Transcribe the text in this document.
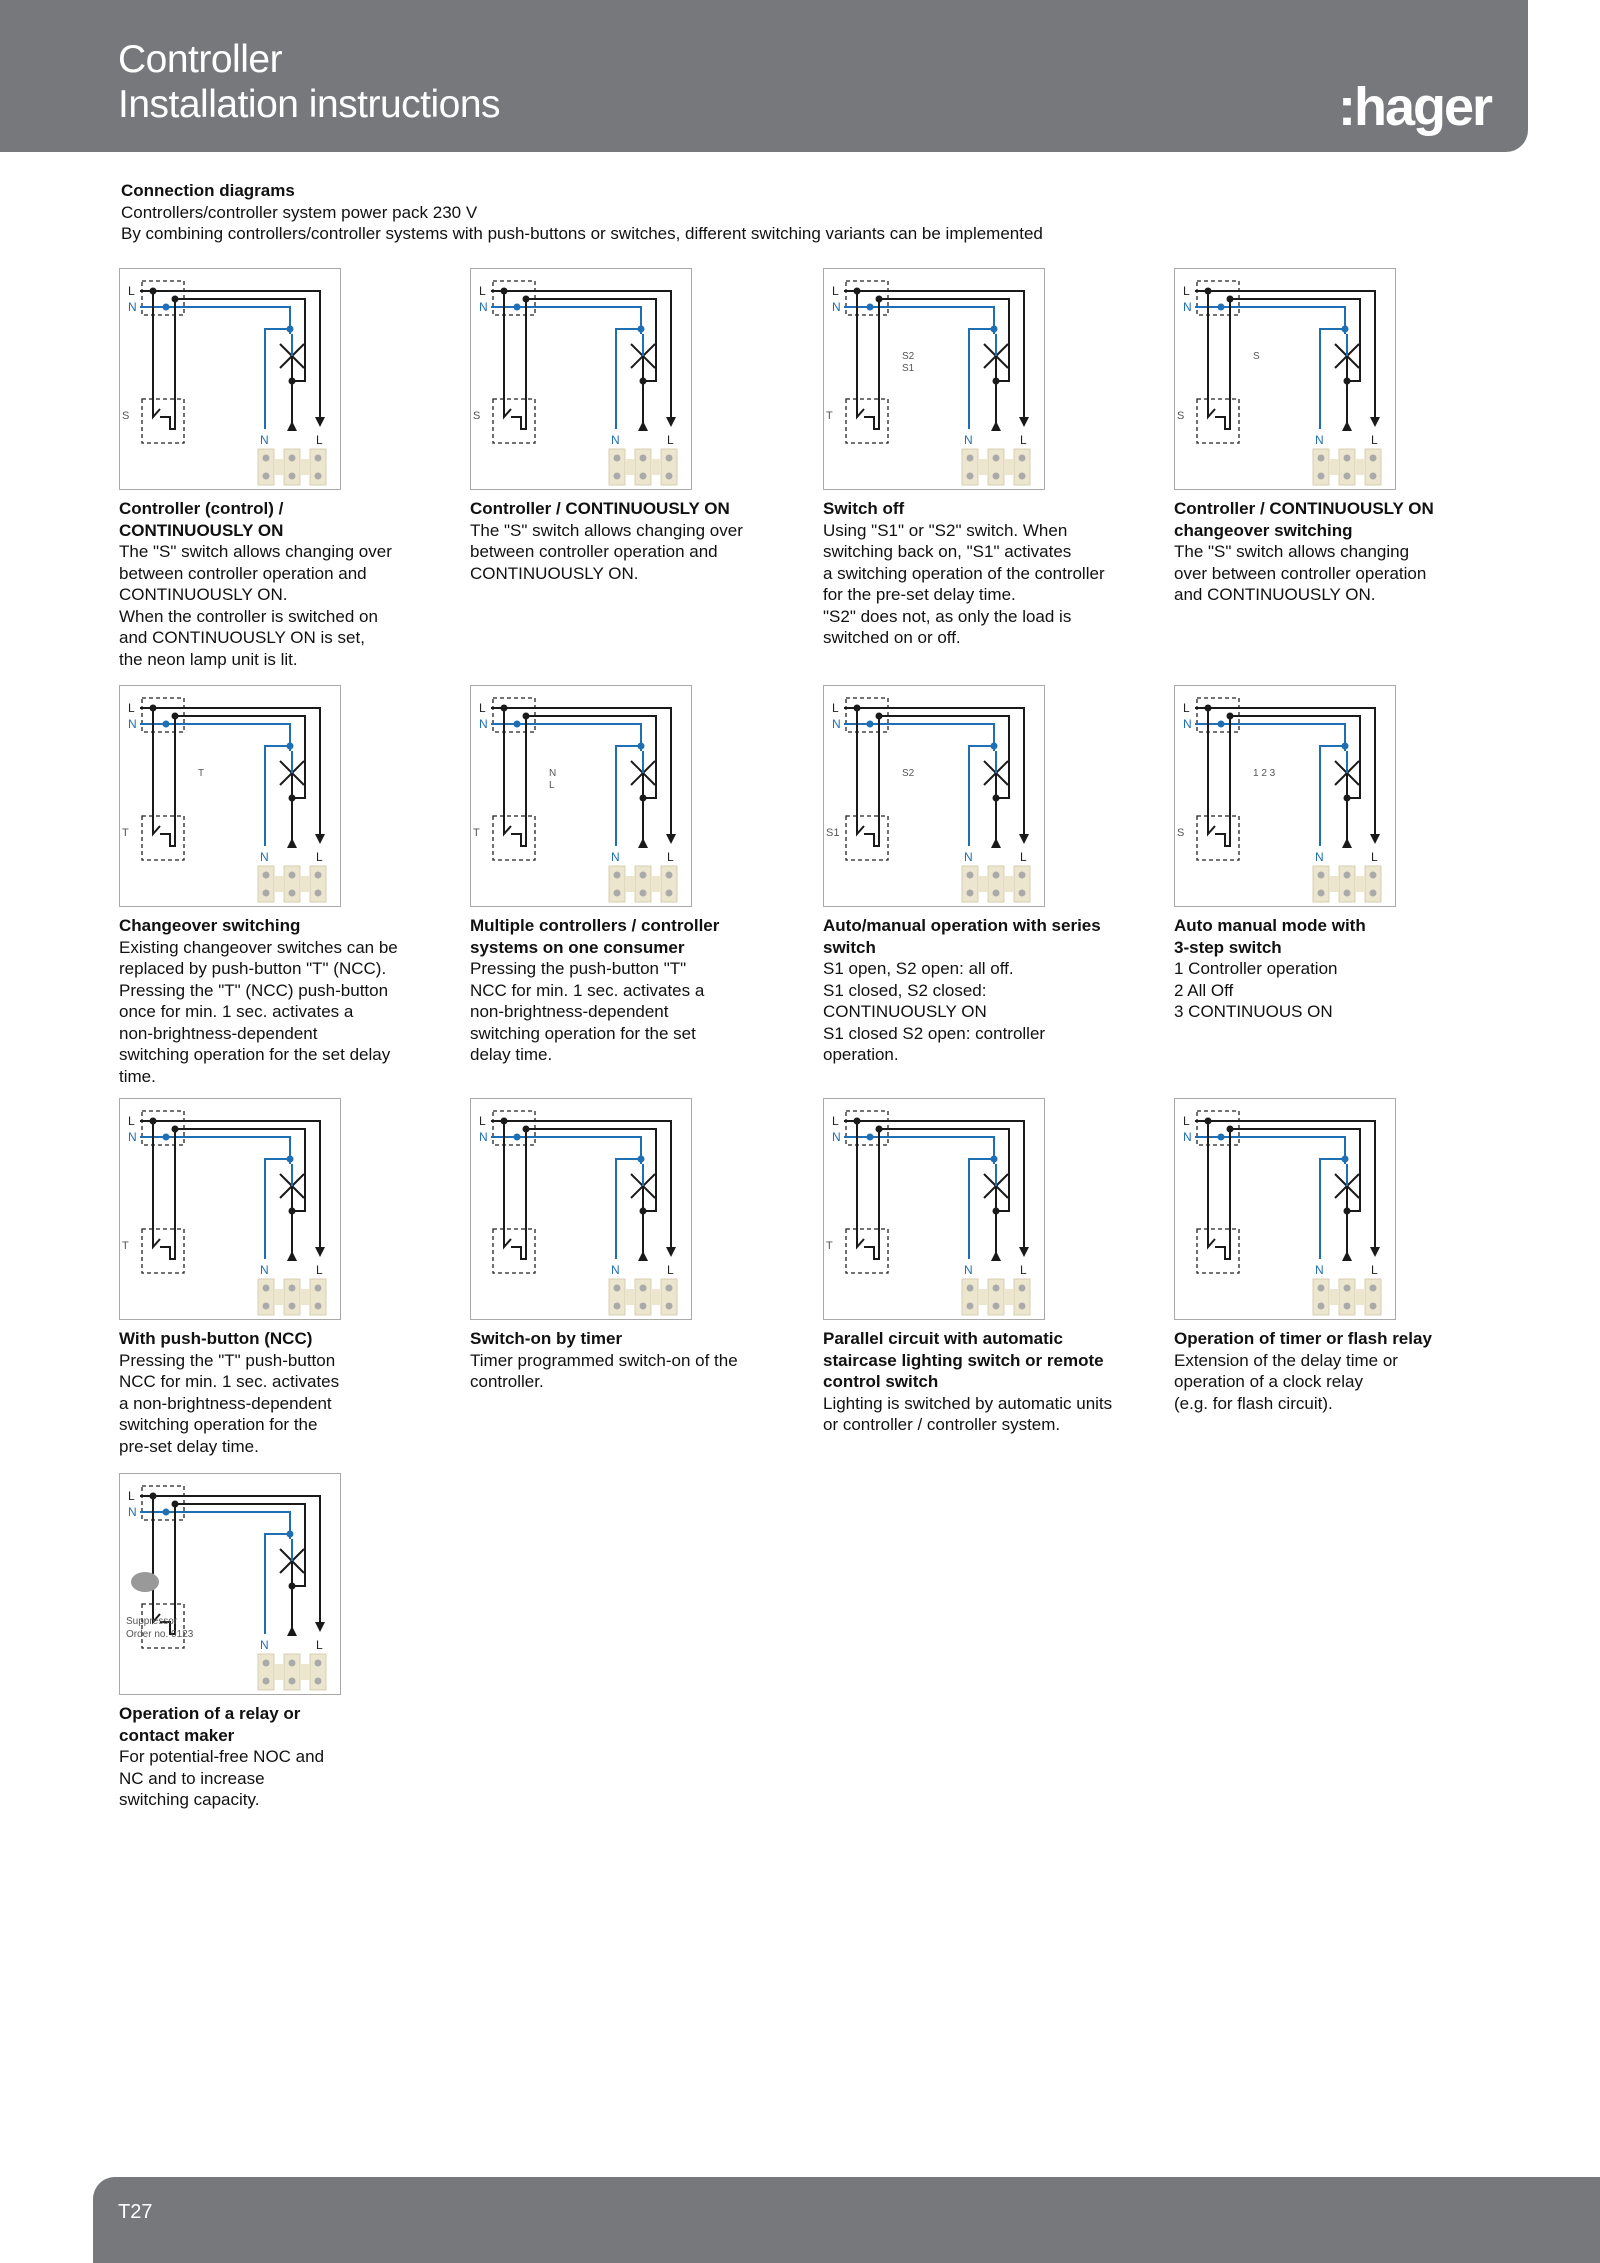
Controller
Installation instructions	:hager
Connection diagrams
Controllers/controller system power pack 230 V
By combining controllers/controller systems with push-buttons or switches, different switching variants can be implemented
L
N
N	L
S
Controller (control) /
CONTINUOUSLY ON
The "S" switch allows changing over
between controller operation and
CONTINUOUSLY ON.
When the controller is switched on
and CONTINUOUSLY ON is set,
the neon lamp unit is lit.
L
N
N	L
S
Controller / CONTINUOUSLY ON
The "S" switch allows changing over
between controller operation and
CONTINUOUSLY ON.
L
N
N	L
T
S2
S1
Switch off
Using "S1" or "S2" switch. When
switching back on, "S1" activates
a switching operation of the controller
for the pre-set delay time.
"S2" does not, as only the load is
switched on or off.
L
N
N	L
S
S
Controller / CONTINUOUSLY ON
changeover switching
The "S" switch allows changing
over between controller operation
and CONTINUOUSLY ON.
L
N
N	L
T
T
Changeover switching
Existing changeover switches can be
replaced by push-button "T" (NCC).
Pressing the "T" (NCC) push-button
once for min. 1 sec. activates a
non-brightness-dependent
switching operation for the set delay
time.
L
N
N	L
T
N
L
Multiple controllers / controller
systems on one consumer
Pressing the push-button "T"
NCC for min. 1 sec. activates a
non-brightness-dependent
switching operation for the set
delay time.
L
N
N	L
S1
S2
Auto/manual operation with series
switch
S1 open, S2 open: all off.
S1 closed, S2 closed:
CONTINUOUSLY ON
S1 closed S2 open: controller
operation.
L
N
N	L
S
1 2 3
Auto manual mode with
3-step switch
1 Controller operation
2 All Off
3 CONTINUOUS ON
L
N
N	L
T
With push-button (NCC)
Pressing the "T" push-button
NCC for min. 1 sec. activates
a non-brightness-dependent
switching operation for the
pre-set delay time.
L
N
N	L
Switch-on by timer
Timer programmed switch-on of the
controller.
L
N
N	L
T
Parallel circuit with automatic
staircase lighting switch or remote
control switch
Lighting is switched by automatic units
or controller / controller system.
L
N
N	L
Operation of timer or flash relay
Extension of the delay time or
operation of a clock relay
(e.g. for flash circuit).
L
N
N	L
Suppressor
Order no. 0123
Operation of a relay or
contact maker
For potential-free NOC and
NC and to increase
switching capacity.
T27
